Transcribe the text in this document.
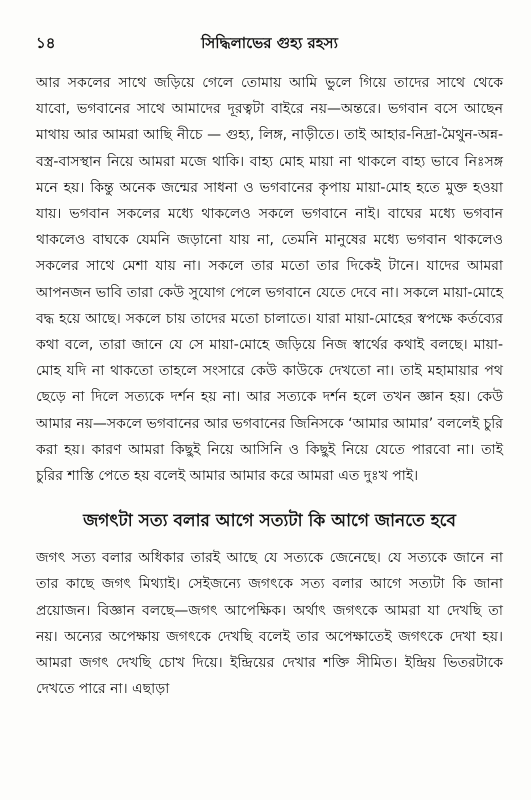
১৪	সিদ্ধিলাভের গুহ্য রহস্য

আর সকলের সাথে জড়িয়ে গেলে তোমায় আমি ভুলে গিয়ে তাদের সাথে থেকে যাবো, ভগবানের সাথে আমাদের দূরত্বটা বাইরে নয়—অন্তরে। ভগবান বসে আছেন মাথায় আর আমরা আছি নীচে — গুহ্য, লিঙ্গ, নাড়ীতে। তাই আহার-নিদ্রা-মৈথুন-অন্ন-বস্ত্র-বাসস্থান নিয়ে আমরা মজে থাকি। বাহ্য মোহ মায়া না থাকলে বাহ্য ভাবে নিঃসঙ্গ মনে হয়। কিন্তু অনেক জন্মের সাধনা ও ভগবানের কৃপায় মায়া-মোহ হতে মুক্ত হওয়া যায়। ভগবান সকলের মধ্যে থাকলেও সকলে ভগবানে নাই। বাঘের মধ্যে ভগবান থাকলেও বাঘকে যেমনি জড়ানো যায় না, তেমনি মানুষের মধ্যে ভগবান থাকলেও সকলের সাথে মেশা যায় না। সকলে তার মতো তার দিকেই টানে। যাদের আমরা আপনজন ভাবি তারা কেউ সুযোগ পেলে ভগবানে যেতে দেবে না। সকলে মায়া-মোহে বদ্ধ হয়ে আছে। সকলে চায় তাদের মতো চালাতে। যারা মায়া-মোহের স্বপক্ষে কর্তব্যের কথা বলে, তারা জানে যে সে মায়া-মোহে জড়িয়ে নিজ স্বার্থের কথাই বলছে। মায়া-মোহ যদি না থাকতো তাহলে সংসারে কেউ কাউকে দেখতো না। তাই মহামায়ার পথ ছেড়ে না দিলে সত্যকে দর্শন হয় না। আর সত্যকে দর্শন হলে তখন জ্ঞান হয়। কেউ আমার নয়—সকলে ভগবানের আর ভগবানের জিনিসকে ‘আমার আমার’ বললেই চুরি করা হয়। কারণ আমরা কিছুই নিয়ে আসিনি ও কিছুই নিয়ে যেতে পারবো না। তাই চুরির শাস্তি পেতে হয় বলেই আমার আমার করে আমরা এত দুঃখ পাই।

জগৎটা সত্য বলার আগে সত্যটা কি আগে জানতে হবে

জগৎ সত্য বলার অধিকার তারই আছে যে সত্যকে জেনেছে। যে সত্যকে জানে না তার কাছে জগৎ মিথ্যাই। সেইজন্যে জগৎকে সত্য বলার আগে সত্যটা কি জানা প্রয়োজন। বিজ্ঞান বলছে—জগৎ আপেক্ষিক। অর্থাৎ জগৎকে আমরা যা দেখছি তা নয়। অন্যের অপেক্ষায় জগৎকে দেখছি বলেই তার অপেক্ষাতেই জগৎকে দেখা হয়। আমরা জগৎ দেখছি চোখ দিয়ে। ইন্দ্রিয়ের দেখার শক্তি সীমিত। ইন্দ্রিয় ভিতরটাকে দেখতে পারে না। এছাড়া
